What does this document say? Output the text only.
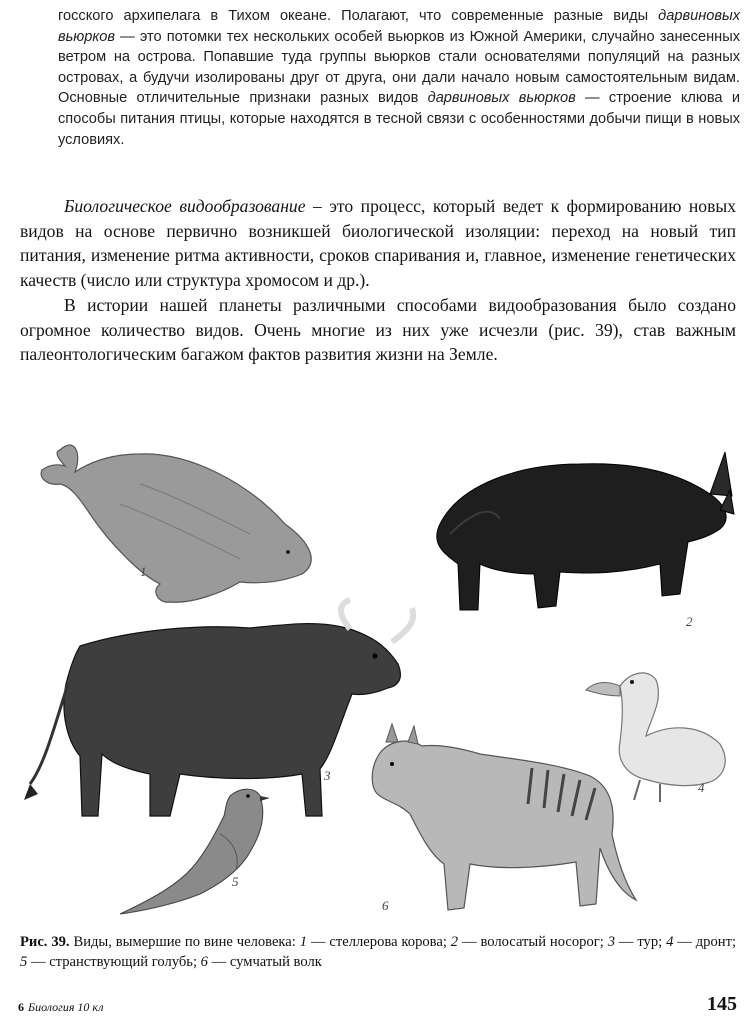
госского архипелага в Тихом океане. Полагают, что современные разные виды дарвиновых вьюрков — это потомки тех нескольких особей вьюрков из Южной Америки, случайно занесенных ветром на острова. Попавшие туда группы вьюрков стали основателями популяций на разных островах, а будучи изолированы друг от друга, они дали начало новым самостоятельным видам. Основные отличительные признаки разных видов дарвиновых вьюрков — строение клюва и способы питания птицы, которые находятся в тесной связи с особенностями добычи пищи в новых условиях.

Биологическое видообразование – это процесс, который ведет к формированию новых видов на основе первично возникшей биологической изоляции: переход на новый тип питания, изменение ритма активности, сроков спаривания и, главное, изменение генетических качеств (число или структура хромосом и др.).

В истории нашей планеты различными способами видообразования было создано огромное количество видов. Очень многие из них уже исчезли (рис. 39), став важным палеонтологическим багажом фактов развития жизни на Земле.

1
2
3
4
5
6

Рис. 39. Виды, вымершие по вине человека: 1 — стеллерова корова; 2 — волосатый носорог; 3 — тур; 4 — дронт; 5 — странствующий голубь; 6 — сумчатый волк

6 Биология 10 кл	145
